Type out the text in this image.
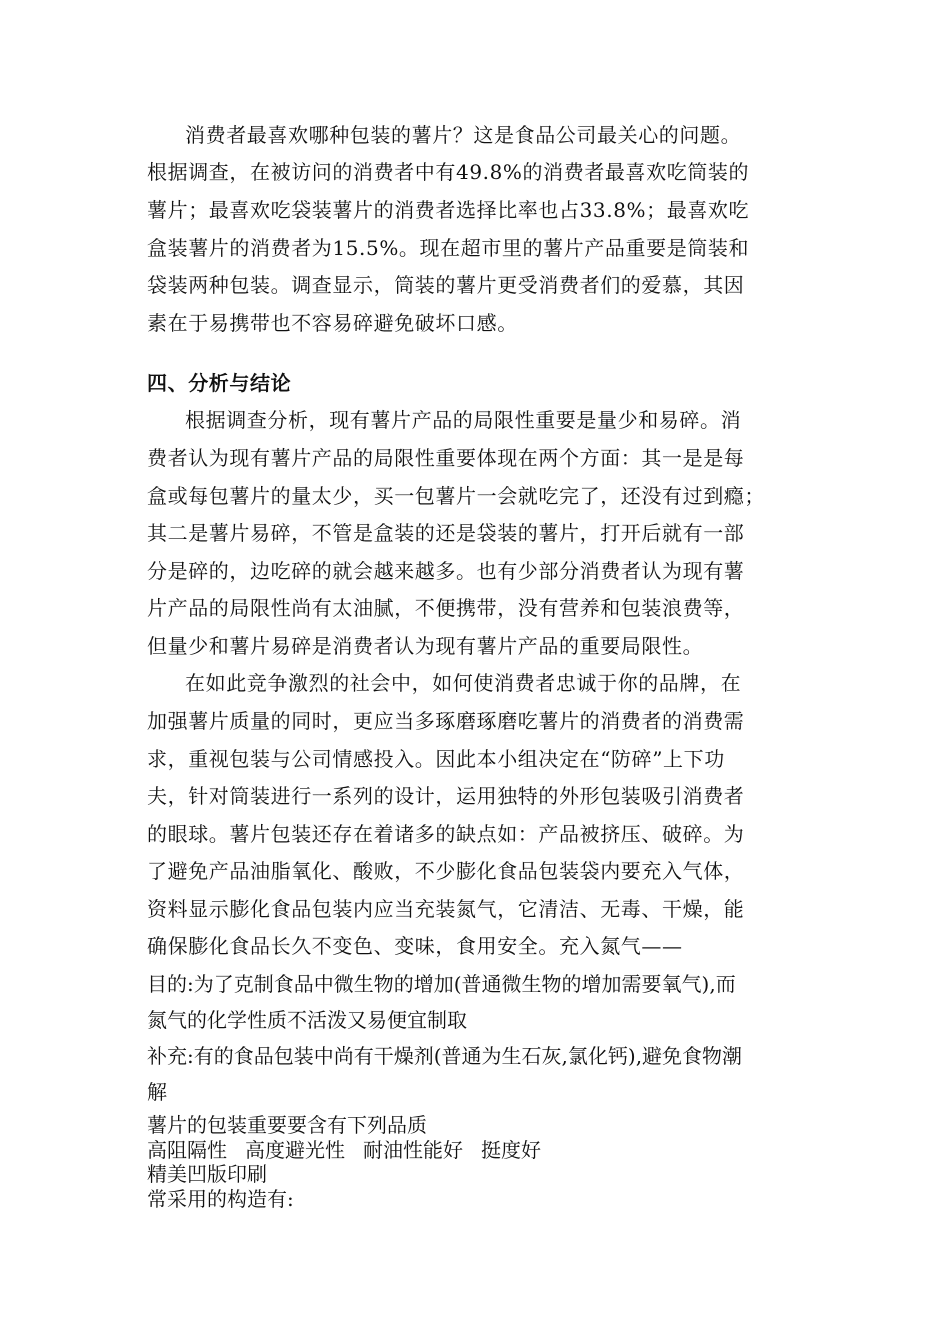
消费者最喜欢哪种包装的薯片？这是食品公司最关心的问题。
根据调查，在被访问的消费者中有49.8%的消费者最喜欢吃筒装的
薯片；最喜欢吃袋装薯片的消费者选择比率也占33.8%；最喜欢吃
盒装薯片的消费者为15.5%。现在超市里的薯片产品重要是筒装和
袋装两种包装。调查显示，筒装的薯片更受消费者们的爱慕，其因
素在于易携带也不容易碎避免破坏口感。
四、分析与结论
根据调查分析，现有薯片产品的局限性重要是量少和易碎。消
费者认为现有薯片产品的局限性重要体现在两个方面：其一是是每
盒或每包薯片的量太少，买一包薯片一会就吃完了，还没有过到瘾；
其二是薯片易碎，不管是盒装的还是袋装的薯片，打开后就有一部
分是碎的，边吃碎的就会越来越多。也有少部分消费者认为现有薯
片产品的局限性尚有太油腻，不便携带，没有营养和包装浪费等，
但量少和薯片易碎是消费者认为现有薯片产品的重要局限性。
在如此竞争激烈的社会中，如何使消费者忠诚于你的品牌，在
加强薯片质量的同时，更应当多琢磨琢磨吃薯片的消费者的消费需
求，重视包装与公司情感投入。因此本小组决定在“防碎”上下功
夫，针对筒装进行一系列的设计，运用独特的外形包装吸引消费者
的眼球。薯片包装还存在着诸多的缺点如：产品被挤压、破碎。为
了避免产品油脂氧化、酸败，不少膨化食品包装袋内要充入气体，
资料显示膨化食品包装内应当充装氮气，它清洁、无毒、干燥，能
确保膨化食品长久不变色、变味，食用安全。充入氮气——
目的:为了克制食品中微生物的增加(普通微生物的增加需要氧气),而
氮气的化学性质不活泼又易便宜制取
补充:有的食品包装中尚有干燥剂(普通为生石灰,氯化钙),避免食物潮
解
薯片的包装重要要含有下列品质
高阻隔性 高度避光性 耐油性能好 挺度好
精美凹版印刷
常采用的构造有:
